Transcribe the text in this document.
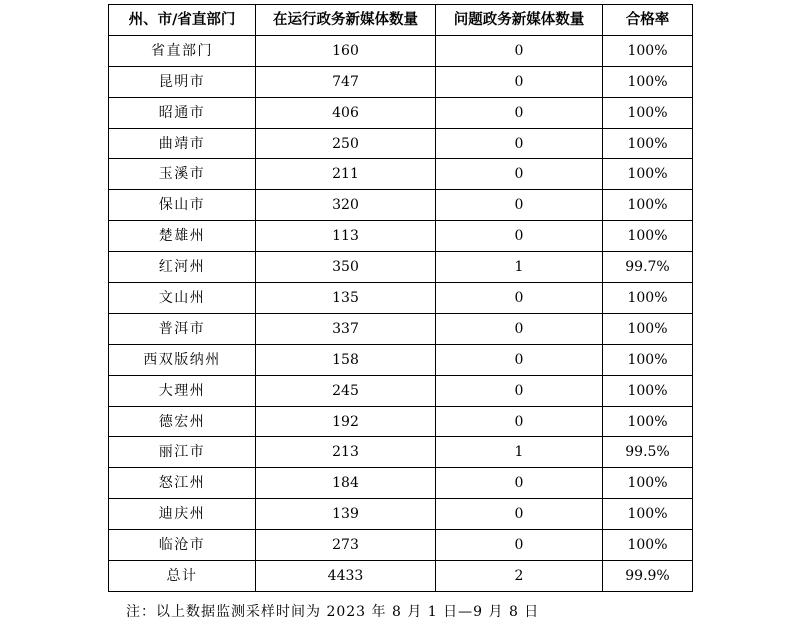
州、市/省直部门	在运行政务新媒体数量	问题政务新媒体数量	合格率
省直部门	160	0	100%
昆明市	747	0	100%
昭通市	406	0	100%
曲靖市	250	0	100%
玉溪市	211	0	100%
保山市	320	0	100%
楚雄州	113	0	100%
红河州	350	1	99.7%
文山州	135	0	100%
普洱市	337	0	100%
西双版纳州	158	0	100%
大理州	245	0	100%
德宏州	192	0	100%
丽江市	213	1	99.5%
怒江州	184	0	100%
迪庆州	139	0	100%
临沧市	273	0	100%
总计	4433	2	99.9%
注：以上数据监测采样时间为 2023 年 8 月 1 日—9 月 8 日
